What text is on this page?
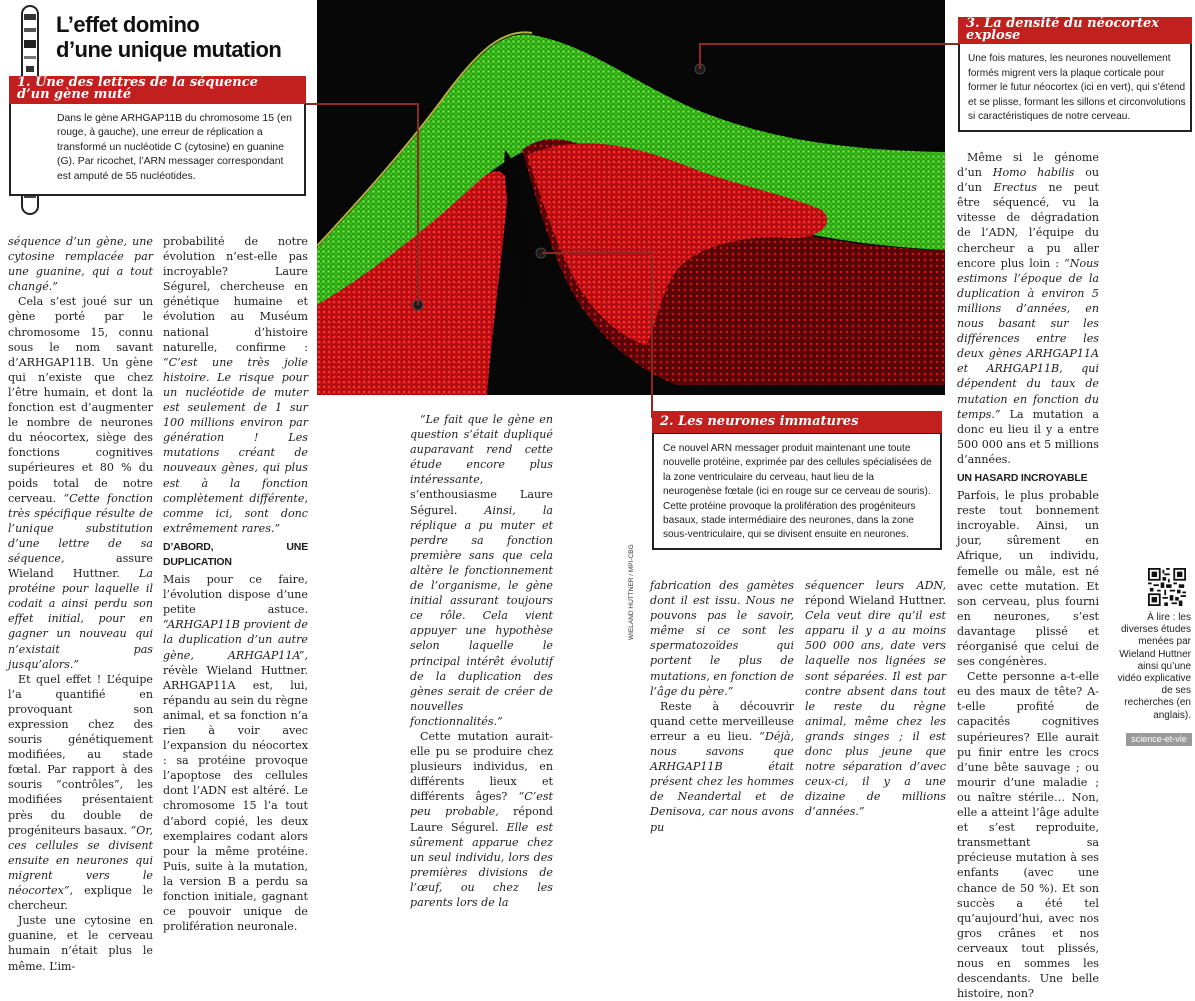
L’effet domino
d’une unique mutation
1. Une des lettres de la séquence
d’un gène muté
Dans le gène ARHGAP11B du chromosome 15 (en rouge, à gauche), une erreur de réplication a transformé un nucléotide C (cytosine) en guanine (G). Par ricochet, l’ARN messager correspondant est amputé de 55 nucléotides.
3. La densité du néocortex
explose
Une fois matures, les neurones nouvellement formés migrent vers la plaque corticale pour former le futur néocortex (ici en vert), qui s’étend et se plisse, formant les sillons et circonvolutions si caractéristiques de notre cerveau.
2. Les neurones immatures
Ce nouvel ARN messager produit maintenant une toute nouvelle protéine, exprimée par des cellules spécialisées de la zone ventriculaire du cerveau, haut lieu de la neurogenèse fœtale (ici en rouge sur ce cerveau de souris). Cette protéine provoque la prolifération des progéniteurs basaux, stade intermédiaire des neurones, dans la zone sous-ventriculaire, qui se divisent ensuite en neurones.

séquence d’un gène, une cytosine remplacée par une guanine, qui a tout changé.”

Cela s’est joué sur un gène porté par le chromosome 15, connu sous le nom savant d’ARHGAP11B. Un gène qui n’existe que chez l’être humain, et dont la fonction est d’augmenter le nombre de neurones du néocortex, siège des fonctions cognitives supérieures et 80 % du poids total de notre cerveau. “Cette fonction très spécifique résulte de l’unique substitution d’une lettre de sa séquence,	assure Wieland Huttner. La protéine pour laquelle il codait a ainsi perdu son effet initial, pour en gagner un nouveau qui n’existait pas jusqu’alors.”

Et quel effet ! L’équipe l’a quantifié en provoquant son expression chez des souris génétiquement modifiées, au stade fœtal. Par rapport à des souris “contrôles”, les modifiées présentaient près du double de progéniteurs basaux. “Or, ces cellules se divisent ensuite en neurones qui migrent vers le néocortex”, explique le chercheur.

Juste une cytosine en guanine, et le cerveau humain n’était plus le même. L’im-

probabilité de notre évolution n’est-elle pas incroyable? Laure Ségurel, chercheuse en génétique humaine et évolution au Muséum national d’histoire naturelle, confirme : “C’est une très jolie histoire. Le risque pour un nucléotide de muter est seulement de 1 sur 100 millions environ par génération ! Les mutations créant de nouveaux gènes, qui plus est à la fonction complètement différente, comme ici, sont donc extrêmement rares.”

D’ABORD, UNE DUPLICATION

Mais pour ce faire, l’évolution dispose d’une petite astuce. “ARHGAP11B provient de la duplication d’un autre gène, ARHGAP11A”, révèle Wieland Huttner. ARHGAP11A est, lui, répandu au sein du règne animal, et sa fonction n’a rien à voir avec l’expansion du néocortex : sa protéine provoque l’apoptose des cellules dont l’ADN est altéré. Le chromosome 15 l’a tout d’abord copié, les deux exemplaires codant alors pour la même protéine. Puis, suite à la mutation, la version B a perdu sa fonction initiale, gagnant ce pouvoir unique de prolifération neuronale.

“Le fait que le gène en question s’était dupliqué auparavant rend cette étude encore plus intéressante, s’enthousiasme Laure Ségurel. Ainsi, la réplique a pu muter et perdre sa fonction première sans que cela altère le fonctionnement de l’organisme, le gène initial assurant toujours ce rôle. Cela vient appuyer une hypothèse selon laquelle le principal intérêt évolutif de la duplication des gènes serait de créer de nouvelles fonctionnalités.”

Cette mutation aurait-elle pu se produire chez plusieurs individus, en différents lieux et différents âges? “C’est peu probable, répond Laure Ségurel. Elle est sûrement apparue chez un seul individu, lors des premières divisions de l’œuf, ou chez les parents lors de la

fabrication des gamètes dont il est issu. Nous ne pouvons pas le savoir, même si ce sont les spermatozoïdes qui portent le plus de mutations, en fonction de l’âge du père.”

Reste à découvrir quand cette merveilleuse erreur a eu lieu. “Déjà, nous savons que ARHGAP11B était présent chez les hommes de Neandertal et de Denisova, car nous avons pu

séquencer leurs ADN, répond Wieland Huttner. Cela veut dire qu’il est apparu il y a au moins 500 000 ans, date vers laquelle nos lignées se sont séparées. Il est par contre absent dans tout le reste du règne animal, même chez les grands singes ; il est donc plus jeune que notre séparation d’avec ceux-ci, il y a une dizaine de millions d’années.”

WIELAND HUTTNER / MPI-CBG

Même si le génome d’un Homo habilis ou d’un Erectus ne peut être séquencé, vu la vitesse de dégradation de l’ADN, l’équipe du chercheur a pu aller encore plus loin : “Nous estimons l’époque de la duplication à environ 5 millions d’années, en nous basant sur les différences entre les deux gènes ARHGAP11A et ARHGAP11B, qui dépendent du taux de mutation en fonction du temps.” La mutation a donc eu lieu il y a entre 500 000 ans et 5 millions d’années.

UN HASARD INCROYABLE

Parfois, le plus probable reste tout bonnement incroyable. Ainsi, un jour, sûrement en Afrique, un individu, femelle ou mâle, est né avec cette mutation. Et son cerveau, plus fourni en neurones, s’est davantage plissé et réorganisé que celui de ses congénères.

Cette personne a-t-elle eu des maux de tête? A-t-elle profité de capacités cognitives supérieures? Elle aurait pu finir entre les crocs d’une bête sauvage ; ou mourir d’une maladie ; ou naître stérile… Non, elle a atteint l’âge adulte et s’est reproduite, transmettant sa précieuse mutation à ses enfants (avec une chance de 50 %). Et son succès a été tel qu’aujourd’hui, avec nos gros crânes et nos cerveaux tout plissés, nous en sommes les descendants. Une belle histoire, non?

À lire : les diverses études menées par Wieland Huttner ainsi qu’une vidéo explicative de ses recherches (en anglais).
science-et-vie
